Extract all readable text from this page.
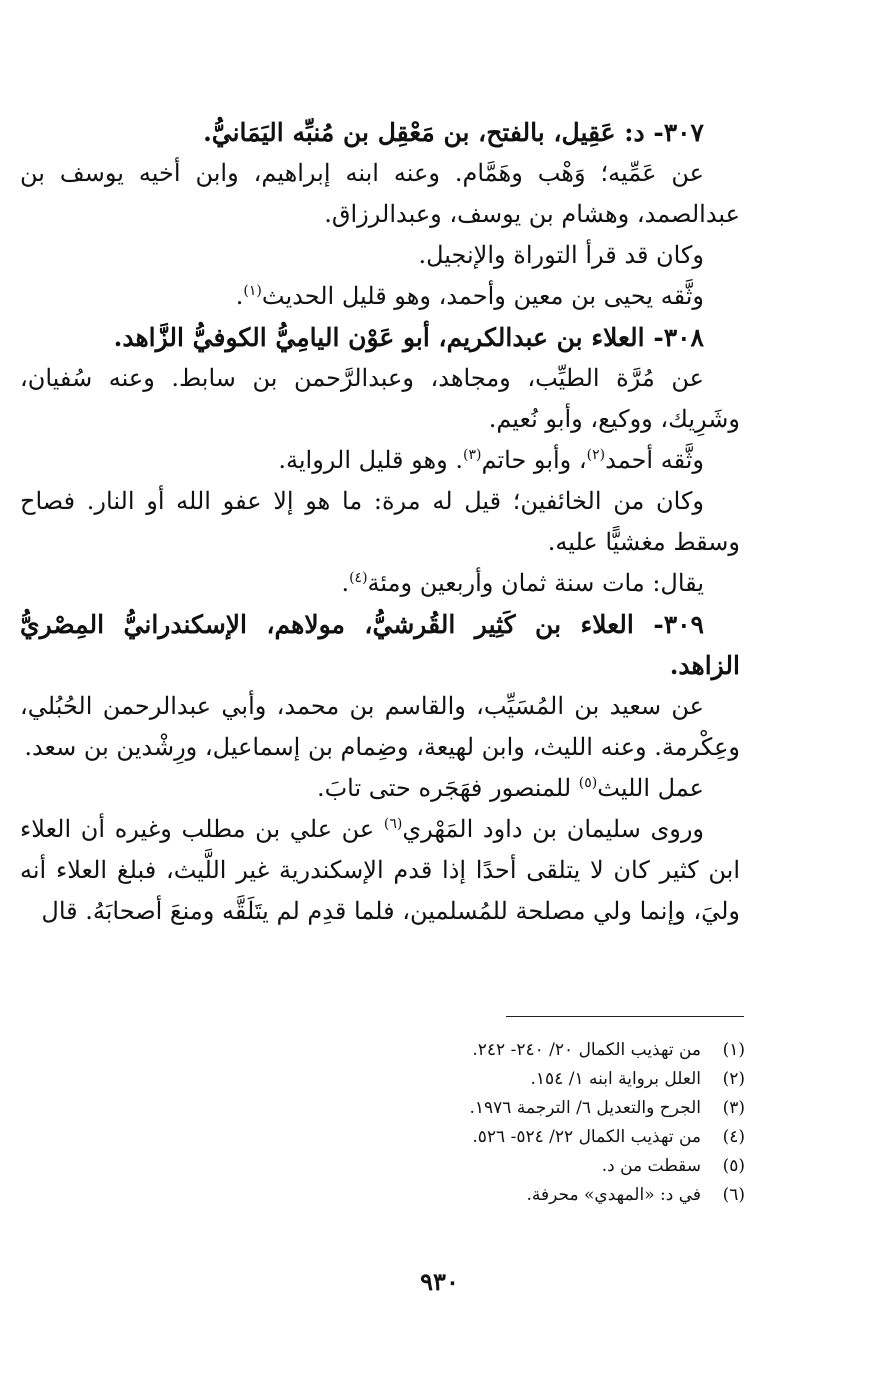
٣٠٧- د: عَقِيل، بالفتح، بن مَعْقِل بن مُنبِّه اليَمَانيُّ.

عن عَمِّيه؛ وَهْب وهَمَّام. وعنه ابنه إبراهيم، وابن أخيه يوسف بن عبدالصمد، وهشام بن يوسف، وعبدالرزاق.

وكان قد قرأ التوراة والإنجيل.

وثَّقه يحيى بن معين وأحمد، وهو قليل الحديث$^{(١)}$.

٣٠٨- العلاء بن عبدالكريم، أبو عَوْن اليامِيُّ الكوفيُّ الزَّاهد.

عن مُرَّة الطيِّب، ومجاهد، وعبدالرَّحمن بن سابط. وعنه سُفيان، وشَرِيك، ووكيع، وأبو نُعيم.

وثَّقه أحمد$^{(٢)}$، وأبو حاتم$^{(٣)}$. وهو قليل الرواية.

وكان من الخائفين؛ قيل له مرة: ما هو إلا عفو الله أو النار. فصاح وسقط مغشيًّا عليه.

يقال: مات سنة ثمان وأربعين ومئة$^{(٤)}$.

٣٠٩- العلاء بن كَثِير القُرشيُّ، مولاهم، الإسكندرانيُّ المِصْريُّ الزاهد.

عن سعيد بن المُسَيِّب، والقاسم بن محمد، وأبي عبدالرحمن الحُبُلي، وعِكْرمة. وعنه الليث، وابن لهيعة، وضِمام بن إسماعيل، ورِشْدين بن سعد.

عمل الليث$^{(٥)}$ للمنصور فهَجَره حتى تابَ.

وروى سليمان بن داود المَهْري$^{(٦)}$ عن علي بن مطلب وغيره أن العلاء ابن كثير كان لا يتلقى أحدًا إذا قدم الإسكندرية غير اللَّيث، فبلغ العلاء أنه وليَ، وإنما ولي مصلحة للمُسلمين، فلما قدِم لم يتَلَقَّه ومنعَ أصحابَهُ. قال

(١)
من تهذيب الكمال ٢٠/ ٢٤٠- ٢٤٢.
(٢)
العلل برواية ابنه ١/ ١٥٤.
(٣)
الجرح والتعديل ٦/ الترجمة ١٩٧٦.
(٤)
من تهذيب الكمال ٢٢/ ٥٢٤- ٥٢٦.
(٥)
سقطت من د.
(٦)
في د: «المهدي» محرفة.
٩٣٠
